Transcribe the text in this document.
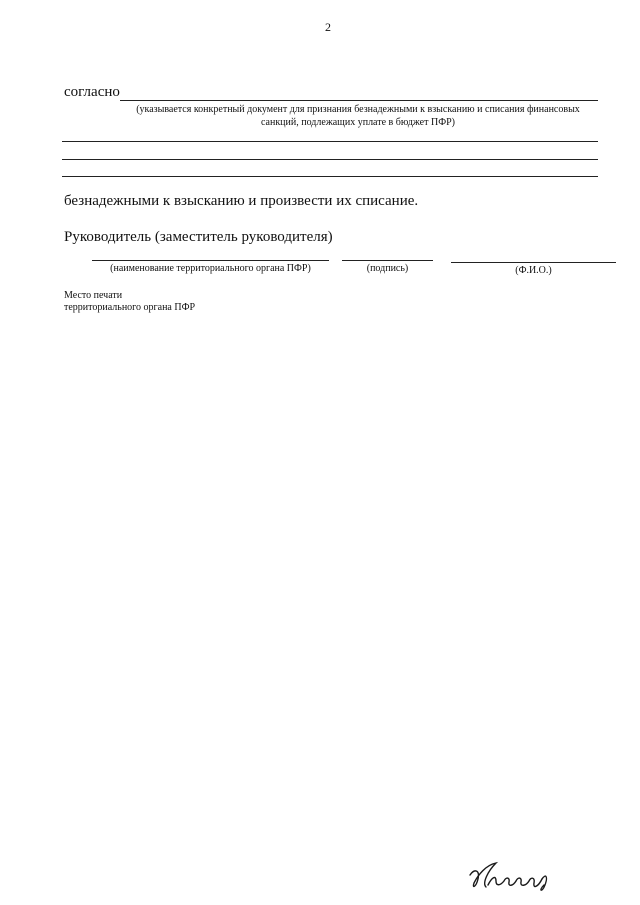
2
согласно
(указывается конкретный документ для признания безнадежными к взысканию и списания финансовых
санкций, подлежащих уплате в бюджет ПФР)
безнадежными к взысканию и произвести их списание.
Руководитель (заместитель руководителя)
(наименование территориального органа ПФР)	(подпись)	(Ф.И.О.)
Место печати
территориального органа ПФР
